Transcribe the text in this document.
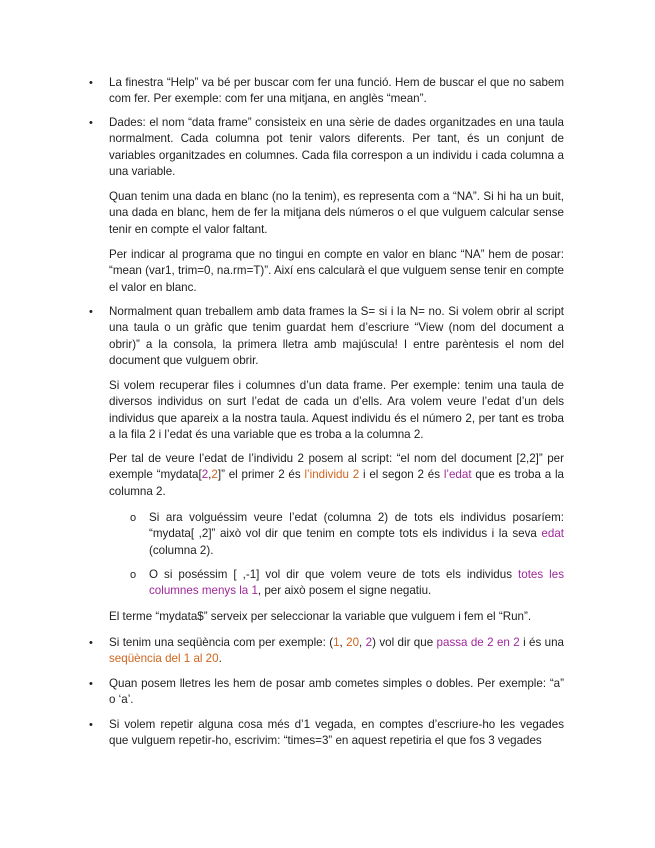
• La finestra “Help” va bé per buscar com fer una funció. Hem de buscar el que no sabem com fer. Per exemple: com fer una mitjana, en anglès “mean”.
• Dades: el nom “data frame” consisteix en una sèrie de dades organitzades en una taula normalment. Cada columna pot tenir valors diferents. Per tant, és un conjunt de variables organitzades en columnes. Cada fila correspon a un individu i cada columna a una variable.
Quan tenim una dada en blanc (no la tenim), es representa com a “NA”. Si hi ha un buit, una dada en blanc, hem de fer la mitjana dels números o el que vulguem calcular sense tenir en compte el valor faltant.
Per indicar al programa que no tingui en compte en valor en blanc “NA” hem de posar: “mean (var1, trim=0, na.rm=T)”. Així ens calcularà el que vulguem sense tenir en compte el valor en blanc.
• Normalment quan treballem amb data frames la S= si i la N= no. Si volem obrir al script una taula o un gràfic que tenim guardat hem d’escriure “View (nom del document a obrir)” a la consola, la primera lletra amb majúscula! I entre parèntesis el nom del document que vulguem obrir.
Si volem recuperar files i columnes d’un data frame. Per exemple: tenim una taula de diversos individus on surt l’edat de cada un d’ells. Ara volem veure l’edat d’un dels individus que apareix a la nostra taula. Aquest individu és el número 2, per tant es troba a la fila 2 i l’edat és una variable que es troba a la columna 2.
Per tal de veure l’edat de l’individu 2 posem al script: “el nom del document [2,2]” per exemple “mydata[2,2]” el primer 2 és l’individu 2 i el segon 2 és l’edat que es troba a la columna 2.
o Si ara volguéssim veure l’edat (columna 2) de tots els individus posaríem: “mydata[ ,2]” això vol dir que tenim en compte tots els individus i la seva edat (columna 2).
o O si poséssim [ ,-1] vol dir que volem veure de tots els individus totes les columnes menys la 1, per això posem el signe negatiu.
El terme “mydata$” serveix per seleccionar la variable que vulguem i fem el “Run”.
• Si tenim una seqüència com per exemple: (1, 20, 2) vol dir que passa de 2 en 2 i és una seqüència del 1 al 20.
• Quan posem lletres les hem de posar amb cometes simples o dobles. Per exemple: “a” o ‘a’.
• Si volem repetir alguna cosa més d’1 vegada, en comptes d’escriure-ho les vegades que vulguem repetir-ho, escrivim: “times=3” en aquest repetiria el que fos 3 vegades
